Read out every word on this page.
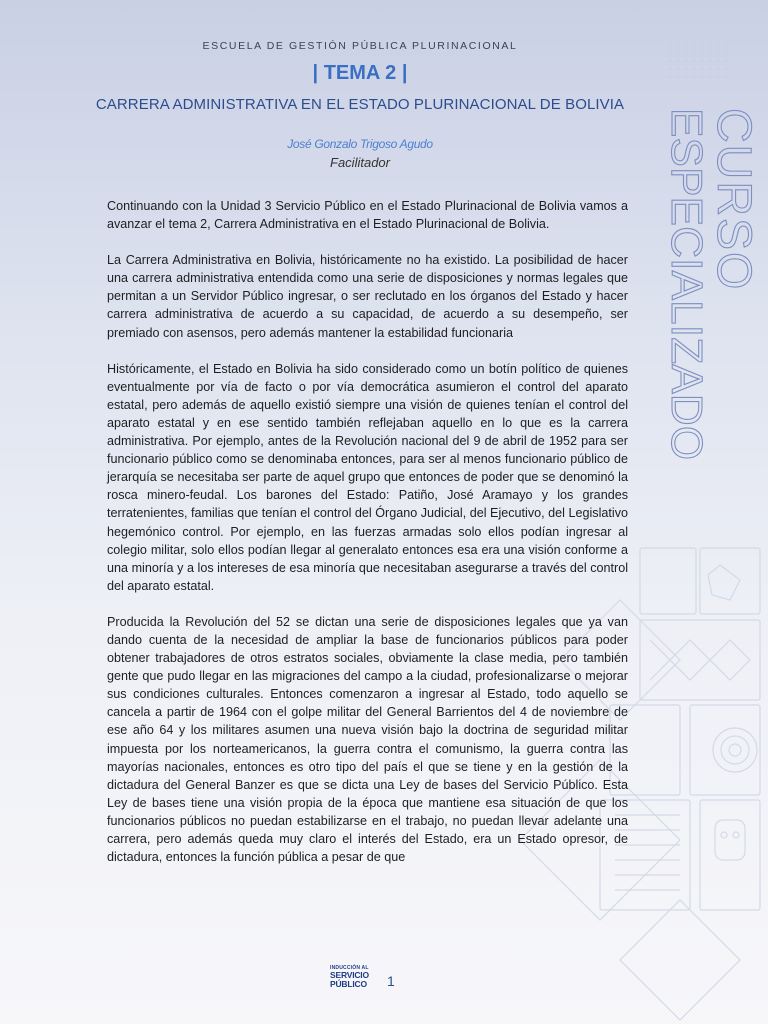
CURSO
ESPECIALIZADO
ESCUELA DE GESTIÓN PÚBLICA PLURINACIONAL
| TEMA 2 |
CARRERA ADMINISTRATIVA EN EL ESTADO PLURINACIONAL DE BOLIVIA
José Gonzalo Trigoso Agudo
Facilitador

Continuando con la Unidad 3 Servicio Público en el Estado Plurinacional de Bolivia vamos a avanzar el tema 2, Carrera Administrativa en el Estado Plurinacional de Bolivia.

La Carrera Administrativa en Bolivia, históricamente no ha existido. La posibilidad de hacer una carrera administrativa entendida como una serie de disposiciones y normas legales que permitan a un Servidor Público ingresar, o ser reclutado en los órganos del Estado y hacer carrera administrativa de acuerdo a su capacidad, de acuerdo a su desempeño, ser premiado con asensos, pero además mantener la estabilidad funcionaria

Históricamente, el Estado en Bolivia ha sido considerado como un botín político de quienes eventualmente por vía de facto o por vía democrática asumieron el control del aparato estatal, pero además de aquello existió siempre una visión de quienes tenían el control del aparato estatal y en ese sentido también reflejaban aquello en lo que es la carrera administrativa. Por ejemplo, antes de la Revolución nacional del 9 de abril de 1952 para ser funcionario público como se denominaba entonces, para ser al menos funcionario público de jerarquía se necesitaba ser parte de aquel grupo que entonces de poder que se denominó la rosca minero-feudal. Los barones del Estado: Patiño, José Aramayo y los grandes terratenientes, familias que tenían el control del Órgano Judicial, del Ejecutivo, del Legislativo hegemónico control. Por ejemplo, en las fuerzas armadas solo ellos podían ingresar al colegio militar, solo ellos podían llegar al generalato entonces esa era una visión conforme a una minoría y a los intereses de esa minoría que necesitaban asegurarse a través del control del aparato estatal.

Producida la Revolución del 52 se dictan una serie de disposiciones legales que ya van dando cuenta de la necesidad de ampliar la base de funcionarios públicos para poder obtener trabajadores de otros estratos sociales, obviamente la clase media, pero también gente que pudo llegar en las migraciones del campo a la ciudad, profesionalizarse o mejorar sus condiciones culturales. Entonces comenzaron a ingresar al Estado, todo aquello se cancela a partir de 1964 con el golpe militar del General Barrientos del 4 de noviembre de ese año 64 y los militares asumen una nueva visión bajo la doctrina de seguridad militar impuesta por los norteamericanos, la guerra contra el comunismo, la guerra contra las mayorías nacionales, entonces es otro tipo del país el que se tiene y en la gestión de la dictadura del General Banzer es que se dicta una Ley de bases del Servicio Público. Esta Ley de bases tiene una visión propia de la época que mantiene esa situación de que los funcionarios públicos no puedan estabilizarse en el trabajo, no puedan llevar adelante una carrera, pero además queda muy claro el interés del Estado, era un Estado opresor, de dictadura, entonces la función pública a pesar de que

INDUCCIÓN AL
SERVICIO
PÚBLICO	1
